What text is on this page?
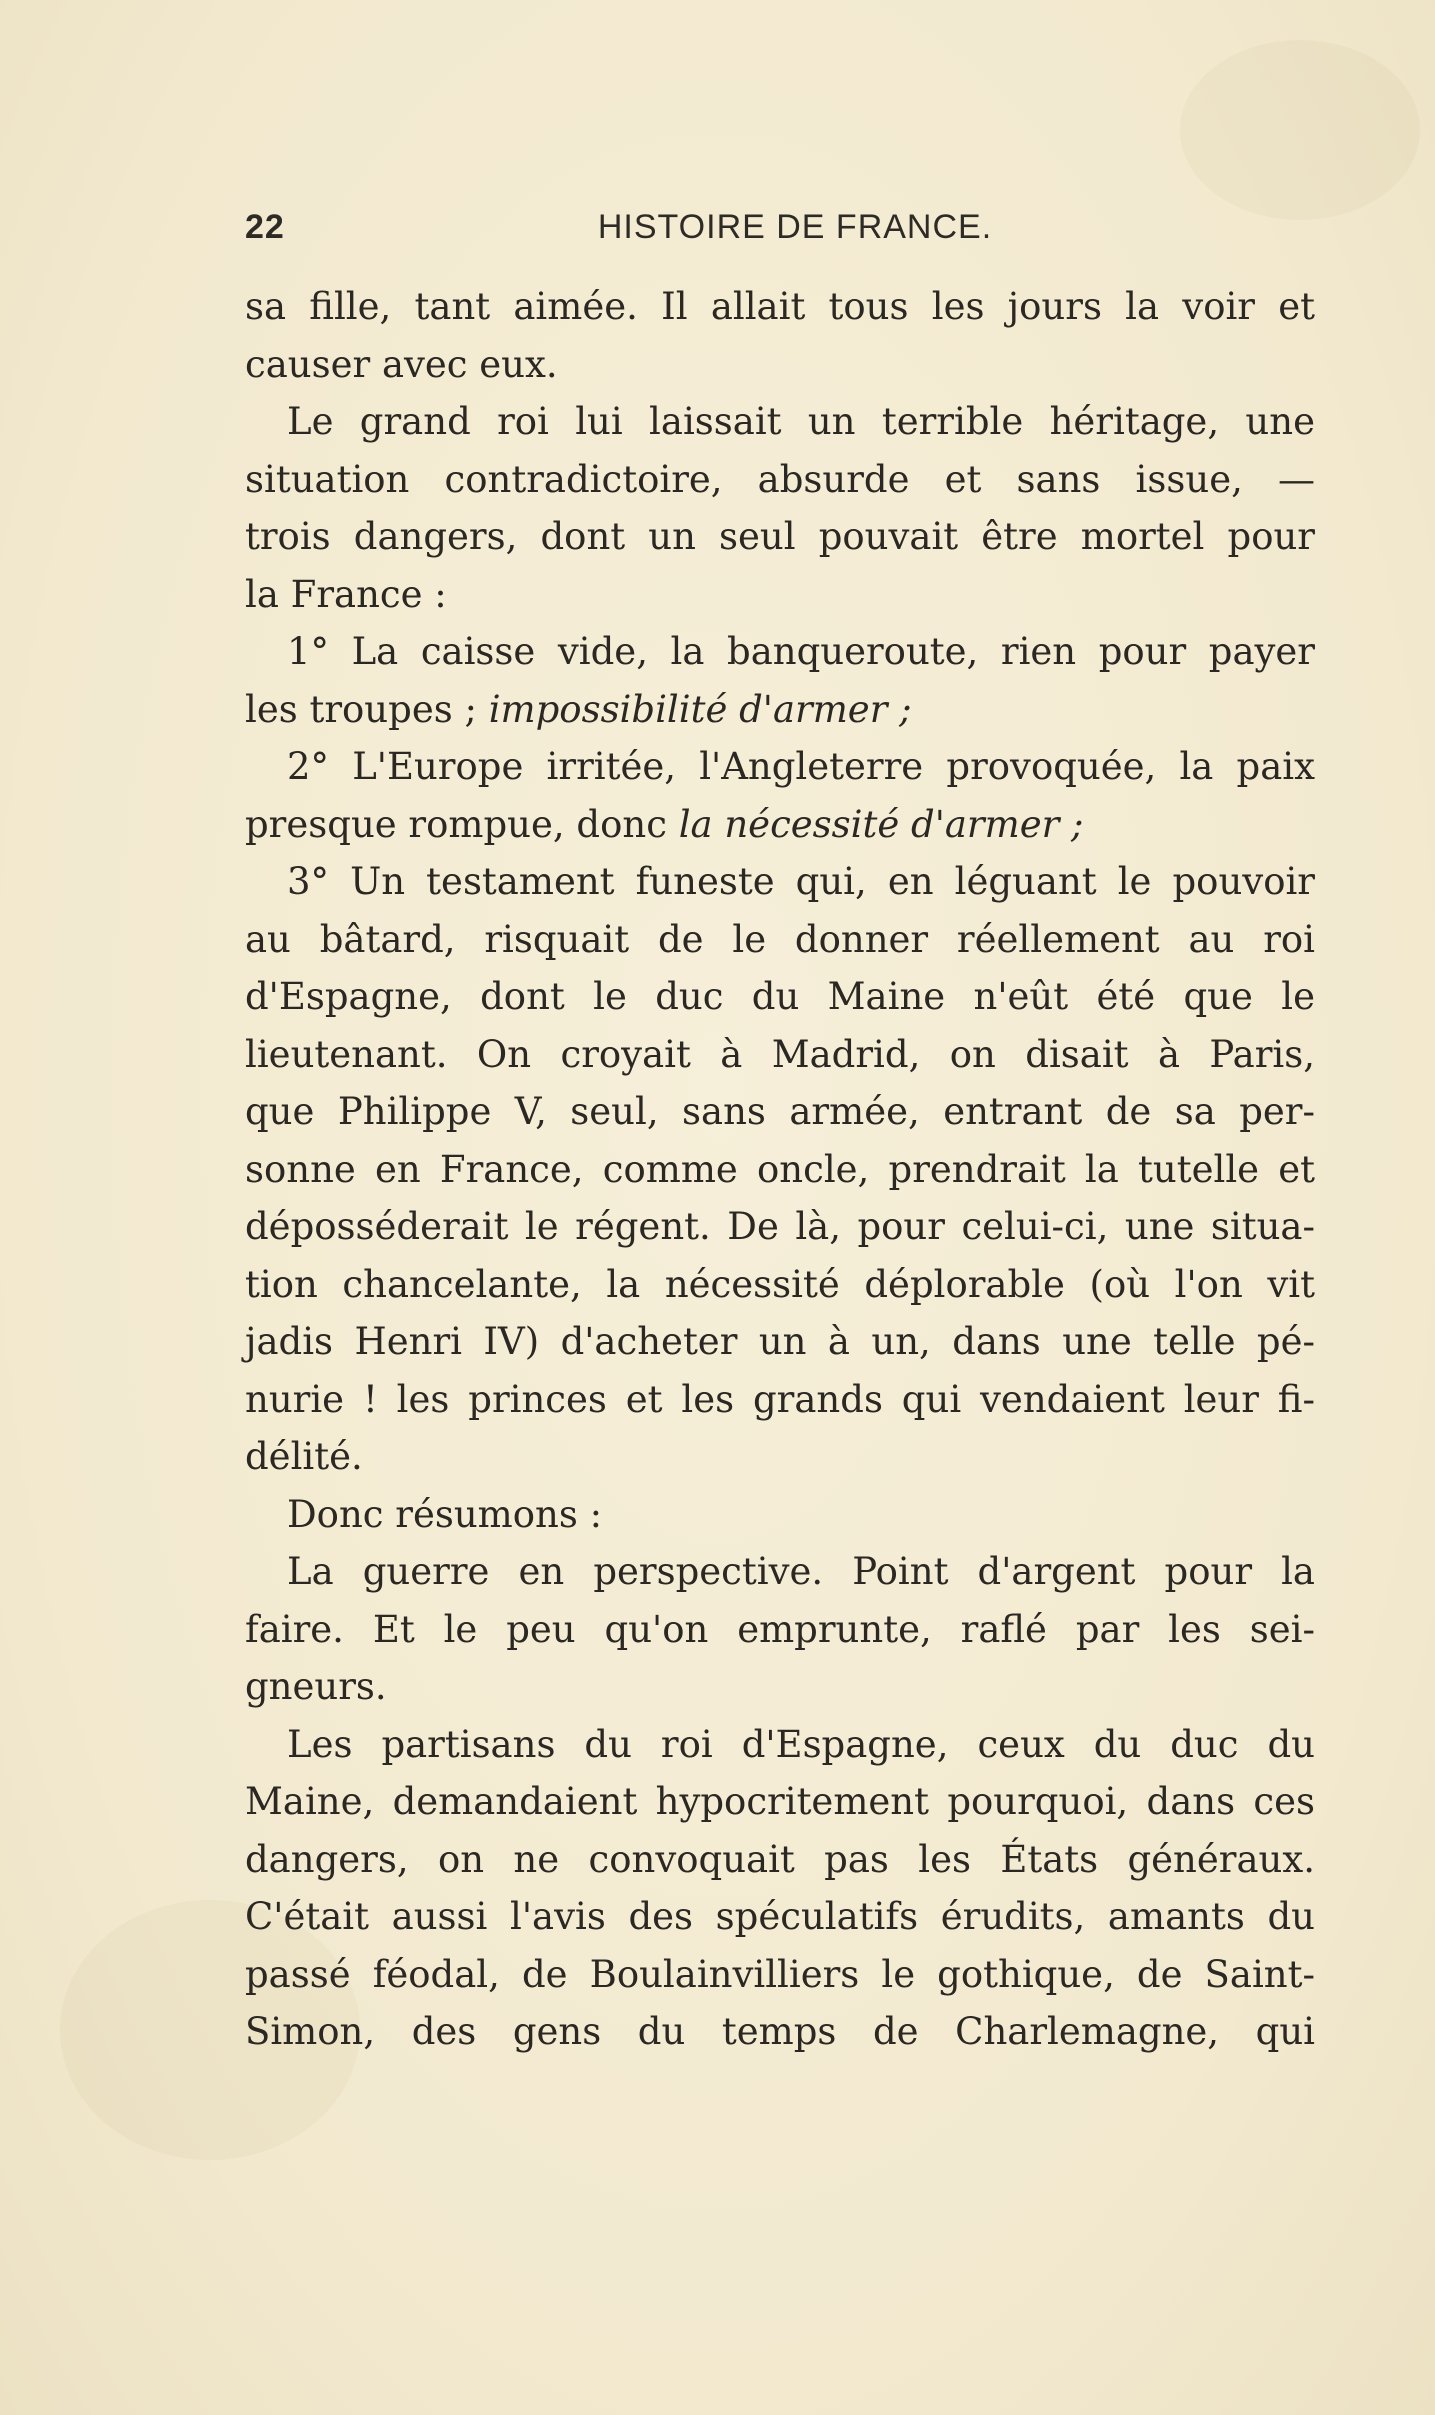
22	HISTOIRE DE FRANCE.
sa fille, tant aimée. Il allait tous les jours la voir et
causer avec eux.
Le grand roi lui laissait un terrible héritage, une
situation contradictoire, absurde et sans issue, —
trois dangers, dont un seul pouvait être mortel pour
la France :
1° La caisse vide, la banqueroute, rien pour payer
les troupes ; impossibilité d'armer ;
2° L'Europe irritée, l'Angleterre provoquée, la paix
presque rompue, donc la nécessité d'armer ;
3° Un testament funeste qui, en léguant le pouvoir
au bâtard, risquait de le donner réellement au roi
d'Espagne, dont le duc du Maine n'eût été que le
lieutenant. On croyait à Madrid, on disait à Paris,
que Philippe V, seul, sans armée, entrant de sa per-
sonne en France, comme oncle, prendrait la tutelle et
déposséderait le régent. De là, pour celui-ci, une situa-
tion chancelante, la nécessité déplorable (où l'on vit
jadis Henri IV) d'acheter un à un, dans une telle pé-
nurie ! les princes et les grands qui vendaient leur fi-
délité.
Donc résumons :
La guerre en perspective. Point d'argent pour la
faire. Et le peu qu'on emprunte, raflé par les sei-
gneurs.
Les partisans du roi d'Espagne, ceux du duc du
Maine, demandaient hypocritement pourquoi, dans ces
dangers, on ne convoquait pas les États généraux.
C'était aussi l'avis des spéculatifs érudits, amants du
passé féodal, de Boulainvilliers le gothique, de Saint-
Simon, des gens du temps de Charlemagne, qui
